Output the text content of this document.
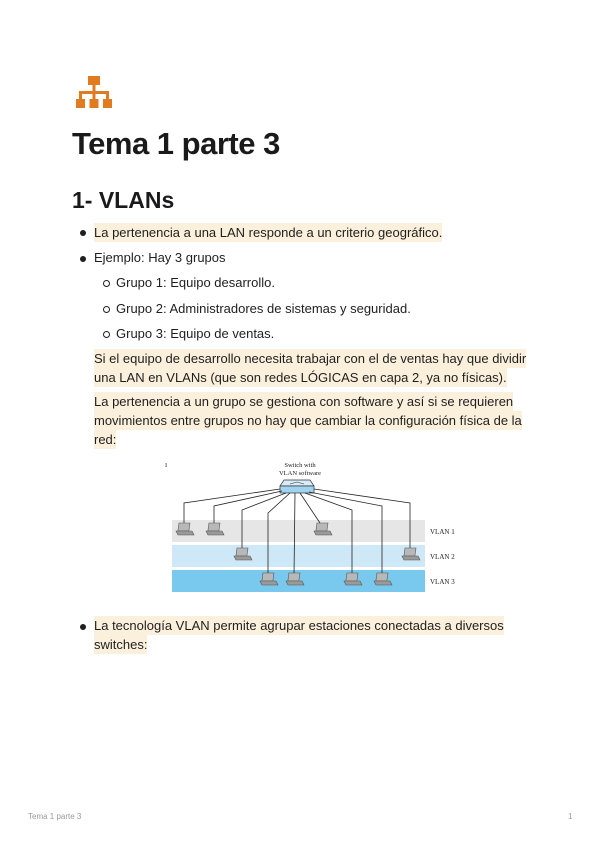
Tema 1 parte 3
1- VLANs
La pertenencia a una LAN responde a un criterio geográfico.
Ejemplo: Hay 3 grupos
Grupo 1: Equipo desarrollo.
Grupo 2: Administradores de sistemas y seguridad.
Grupo 3: Equipo de ventas.
Si el equipo de desarrollo necesita trabajar con el de ventas hay que dividir
una LAN en VLANs (que son redes LÓGICAS en capa 2, ya no físicas).
La pertenencia a un grupo se gestiona con software y así si se requieren
movimientos entre grupos no hay que cambiar la configuración física de la
red:
La tecnología VLAN permite agrupar estaciones conectadas a diversos
switches:
ı	Switch with
VLAN software
VLAN 1
VLAN 2
VLAN 3
Tema 1 parte 3	1
